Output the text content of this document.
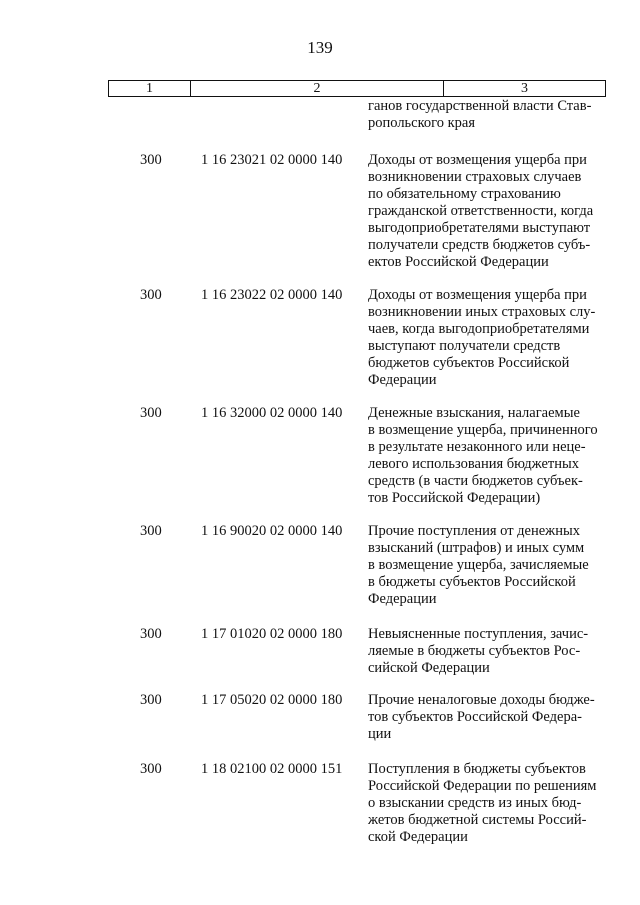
139
1	2	3
ганов государственной власти Став-
ропольского края
300	1 16 23021 02 0000 140	Доходы от возмещения ущерба при
возникновении страховых случаев
по обязательному страхованию
гражданской ответственности, когда
выгодоприобретателями выступают
получатели средств бюджетов субъ-
ектов Российской Федерации
300	1 16 23022 02 0000 140	Доходы от возмещения ущерба при
возникновении иных страховых слу-
чаев, когда выгодоприобретателями
выступают получатели средств
бюджетов субъектов Российской
Федерации
300	1 16 32000 02 0000 140	Денежные взыскания, налагаемые
в возмещение ущерба, причиненного
в результате незаконного или неце-
левого использования бюджетных
средств (в части бюджетов субъек-
тов Российской Федерации)
300	1 16 90020 02 0000 140	Прочие поступления от денежных
взысканий (штрафов) и иных сумм
в возмещение ущерба, зачисляемые
в бюджеты субъектов Российской
Федерации
300	1 17 01020 02 0000 180	Невыясненные поступления, зачис-
ляемые в бюджеты субъектов Рос-
сийской Федерации
300	1 17 05020 02 0000 180	Прочие неналоговые доходы бюдже-
тов субъектов Российской Федера-
ции
300	1 18 02100 02 0000 151	Поступления в бюджеты субъектов
Российской Федерации по решениям
о взыскании средств из иных бюд-
жетов бюджетной системы Россий-
ской Федерации
